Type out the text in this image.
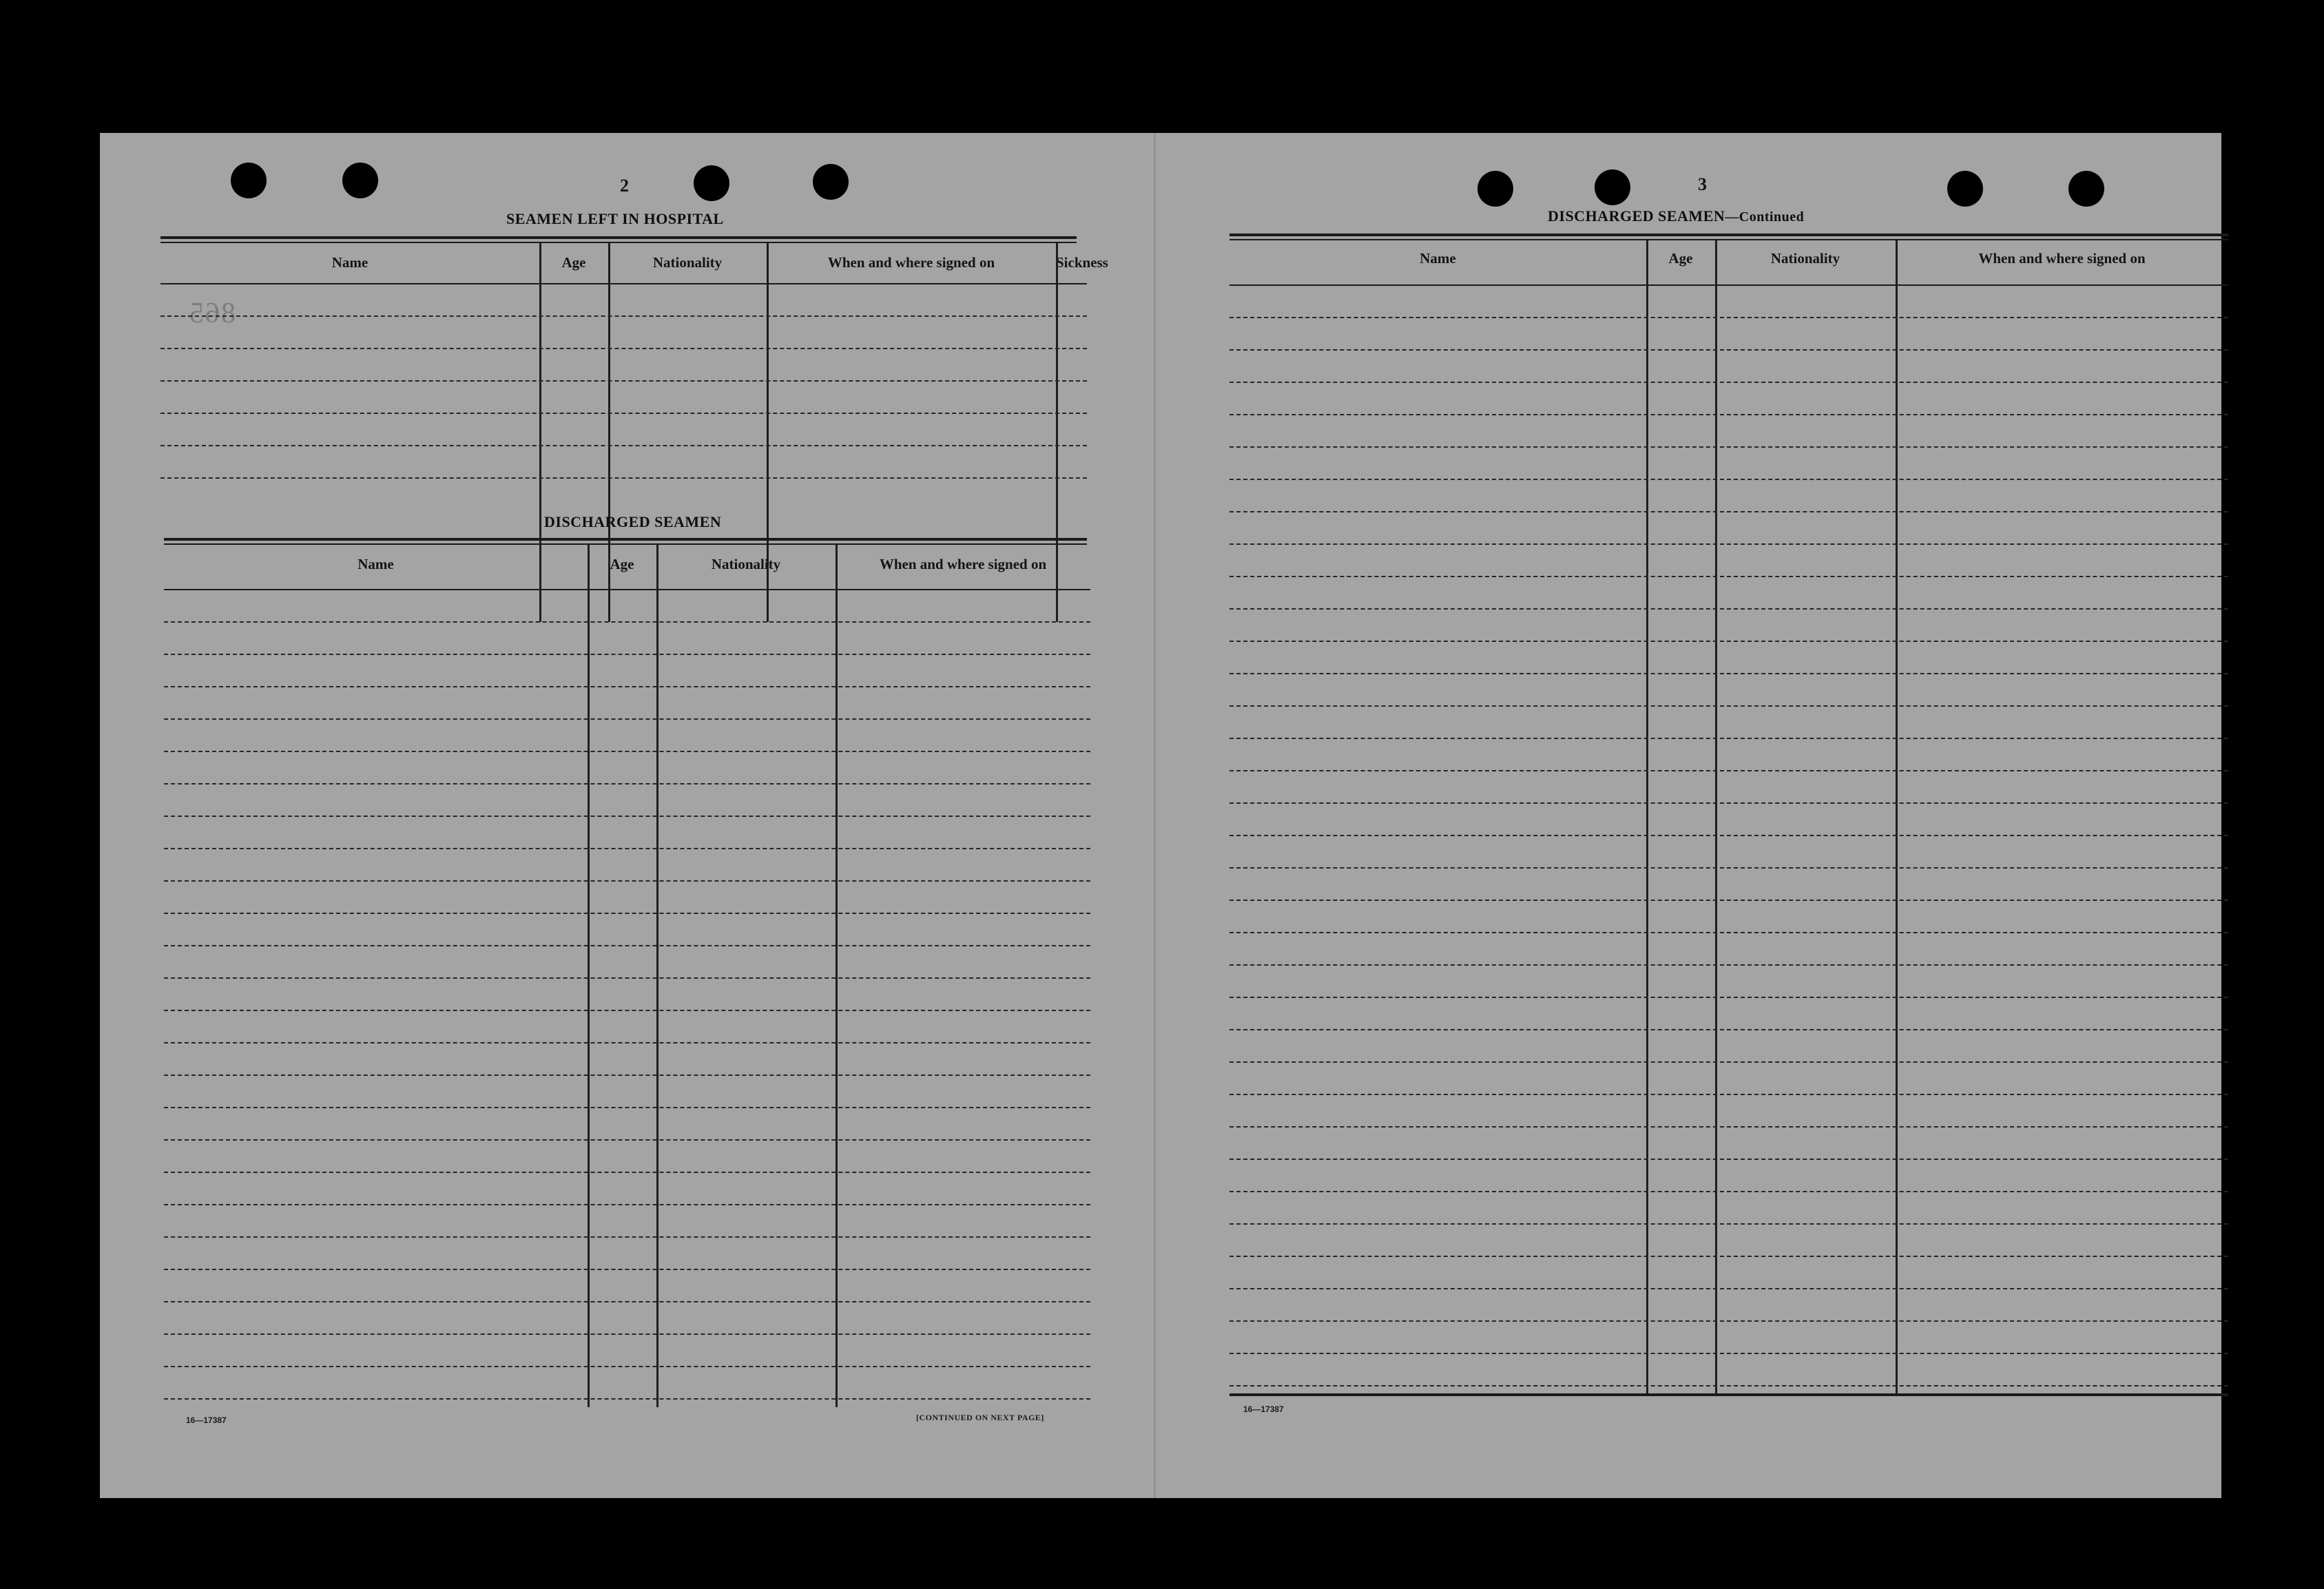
2
SEAMEN LEFT IN HOSPITAL
865
Name	Age	Nationality	When and where signed on	Sickness
DISCHARGED SEAMEN
Name	Age	Nationality	When and where signed on
16—17387	[CONTINUED ON NEXT PAGE]
3
DISCHARGED SEAMEN—Continued
Name	Age	Nationality	When and where signed on
16—17387
